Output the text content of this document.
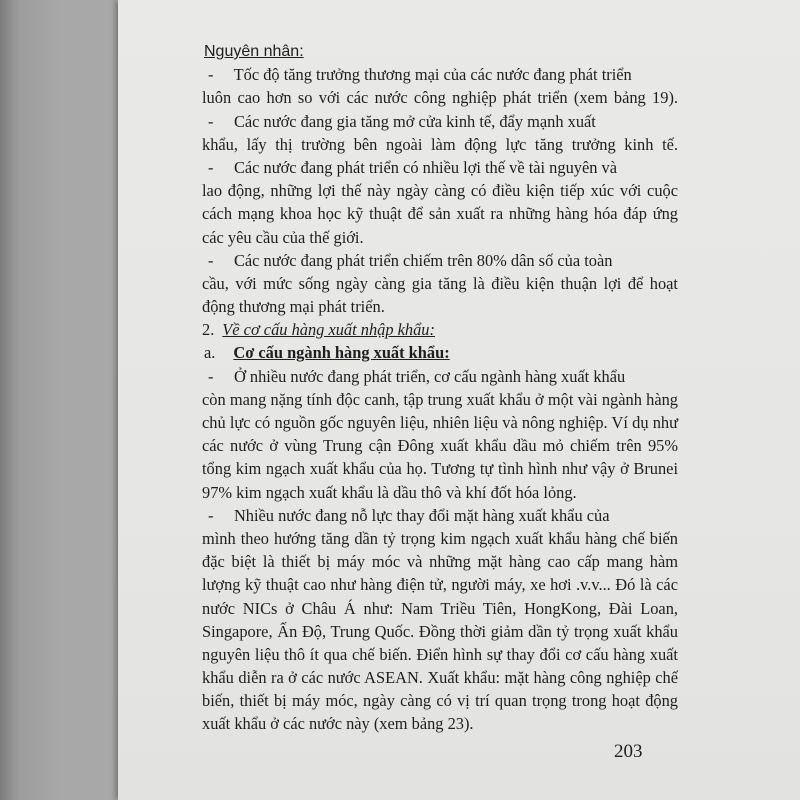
Nguyên nhân:
-     Tốc độ tăng trưởng thương mại của các nước đang phát triển
luôn cao hơn so với các nước công nghiệp phát triển (xem bảng 19).
-     Các nước đang gia tăng mở cửa kinh tế, đẩy mạnh xuất
khẩu, lấy thị trường bên ngoài làm động lực tăng trưởng kinh tế.
-     Các nước đang phát triển có nhiều lợi thế về tài nguyên và
lao động, những lợi thế này ngày càng có điều kiện tiếp xúc với cuộc
cách mạng khoa học kỹ thuật để sản xuất ra những hàng hóa đáp ứng
các yêu cầu của thế giới.
-     Các nước đang phát triển chiếm trên 80% dân số của toàn
cầu, với mức sống ngày càng gia tăng là điều kiện thuận lợi để hoạt
động thương mại phát triển.
2. Về cơ cấu hàng xuất nhập khẩu:
a. Cơ cấu ngành hàng xuất khẩu:
-     Ở nhiều nước đang phát triển, cơ cấu ngành hàng xuất khẩu
còn mang nặng tính độc canh, tập trung xuất khẩu ở một vài ngành hàng
chủ lực có nguồn gốc nguyên liệu, nhiên liệu và nông nghiệp. Ví dụ như
các nước ở vùng Trung cận Đông xuất khẩu dầu mỏ chiếm trên 95%
tổng kim ngạch xuất khẩu của họ. Tương tự tình hình như vậy ở Brunei
97% kim ngạch xuất khẩu là dầu thô và khí đốt hóa lỏng.
-     Nhiều nước đang nỗ lực thay đổi mặt hàng xuất khẩu của
mình theo hướng tăng dần tỷ trọng kim ngạch xuất khẩu hàng chế biến
đặc biệt là thiết bị máy móc và những mặt hàng cao cấp mang hàm
lượng kỹ thuật cao như hàng điện tử, người máy, xe hơi .v.v... Đó là các
nước NICs ở Châu Á như: Nam Triều Tiên, HongKong, Đài Loan,
Singapore, Ấn Độ, Trung Quốc. Đồng thời giảm dần tỷ trọng xuất khẩu
nguyên liệu thô ít qua chế biến. Điển hình sự thay đổi cơ cấu hàng xuất
khẩu diễn ra ở các nước ASEAN. Xuất khẩu: mặt hàng công nghiệp chế
biến, thiết bị máy móc, ngày càng có vị trí quan trọng trong hoạt động
xuất khẩu ở các nước này (xem bảng 23).
203
